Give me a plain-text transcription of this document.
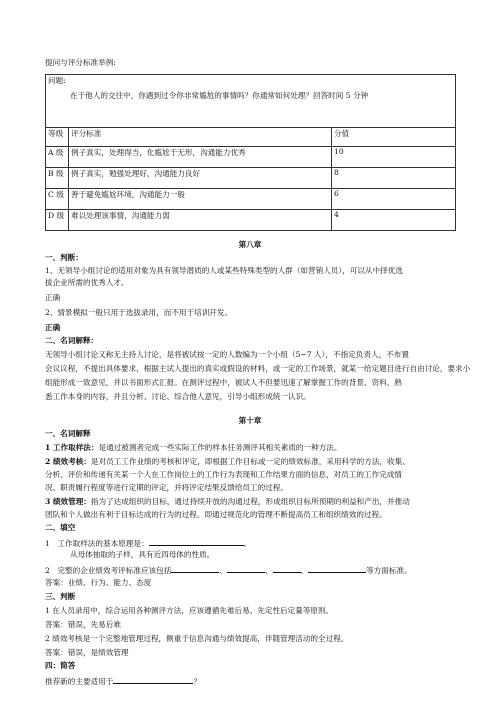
提问与评分标准举例:
问题:
在于他人的交往中，你遇到过令你非常尴尬的事情吗？你通常如何处理？回答时间 5 分钟		

等级	评分标准	分值
A 级	例子真实，处理得当，化尴尬于无形，沟通能力优秀	10
B 级	例子真实，勉强处理好，沟通能力良好	8
C 级	善于避免尴尬环境，沟通能力一般	6
D 级	难以处理该事情，沟通能力弱	4
第八章
一、判断：
1、无领导小组讨论的适用对象为具有领导潜质的人或某些特殊类型的人群（如营销人员），可以从中择优选
拔企业所需的优秀人才。
正确
2、情景模拟一般只用于选拔录用，而不用于培训开发。
正确
二、名词解释：
无领导小组讨论又称无主持人讨论，是将被试按一定的人数编为一个小组（5~7 人），不指定负责人，不布置
会议议程，不提出具体要求，根据主试人提出的真实或假设的材料，或一定的工作场景，就某一给定题目进行自由讨论，要求小
组能形成一致意见，并以书面形式汇报。在测评过程中，被试人不但要迅速了解掌握工作的背景、资料、熟
悉工作本身的内容，并且分析、讨论、综合他人意见，引导小组形成统一认识。
第十章
一、名词解释
1 工作取样法：是通过被测者完成一些实际工作的样本任务测评其相关素质的一种方法。
2 绩效考核：是对员工工作业绩的考核和评定，即根据工作目标或一定的绩效标准，采用科学的方法，收集、
分析、评价和传递有关某一个人在工作岗位上的工作行为表现和工作结果方面的信息，对员工的工作完成情
况、职责履行程度等进行定期的评定，并将评定结果反馈给员工的过程。
3 绩效管理：指为了达成组织的目标，通过持续开放的沟通过程，形成组织目标所预期的利益和产出，并推动
团队和个人做出有利于目标达成的行为的过程。即通过规范化的管理不断提高员工和组织绩效的过程。
二、填空
1　工作取样法的基本原理是：	。
从母体抽取的子样，具有近四母体的性质。
2　完整的企业绩效考评标准应该包括	、	、	、	等方面标准。
答案：业绩、行为、能力、态度
三、判断
1 在人员录用中，综合运用各种测评方法，应该遵循先难后易、先定性后定量等原则。
答案：错误，先易后难
2 绩效考核是一个完整地管理过程，侧重于信息沟通与绩效提高，伴随管理活动的全过程。
答案：错误，是绩效管理
四：简答
推荐新的主要适用于	？
